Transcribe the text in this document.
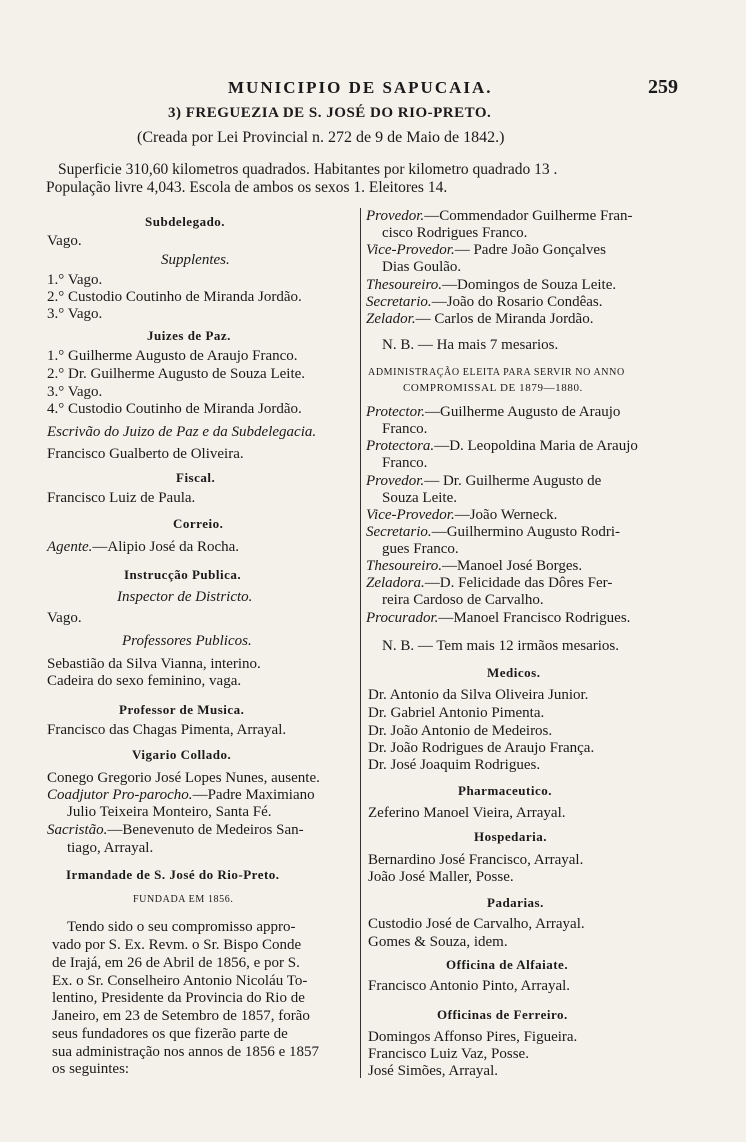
MUNICIPIO DE SAPUCAIA.	259
3) FREGUEZIA DE S. JOSÉ DO RIO-PRETO.
(Creada por Lei Provincial n. 272 de 9 de Maio de 1842.)
Superficie 310,60 kilometros quadrados. Habitantes por kilometro quadrado 13 .
População livre 4,043. Escola de ambos os sexos 1. Eleitores 14.
Subdelegado.
Vago.
Supplentes.
1.° Vago.
2.° Custodio Coutinho de Miranda Jordão.
3.° Vago.
Juizes de Paz.
1.° Guilherme Augusto de Araujo Franco.
2.° Dr. Guilherme Augusto de Souza Leite.
3.° Vago.
4.° Custodio Coutinho de Miranda Jordão.
Escrivão do Juizo de Paz e da Subdelegacia.
Francisco Gualberto de Oliveira.
Fiscal.
Francisco Luiz de Paula.
Correio.
Agente.—Alipio José da Rocha.
Instrucção Publica.
Inspector de Districto.
Vago.
Professores Publicos.
Sebastião da Silva Vianna, interino.
Cadeira do sexo feminino, vaga.
Professor de Musica.
Francisco das Chagas Pimenta, Arrayal.
Vigario Collado.
Conego Gregorio José Lopes Nunes, ausente.
Coadjutor Pro-parocho.—Padre Maximiano
Julio Teixeira Monteiro, Santa Fé.
Sacristão.—Benevenuto de Medeiros San-
tiago, Arrayal.
Irmandade de S. José do Rio-Preto.
FUNDADA EM 1856.
Tendo sido o seu compromisso appro-
vado por S. Ex. Revm. o Sr. Bispo Conde
de Irajá, em 26 de Abril de 1856, e por S.
Ex. o Sr. Conselheiro Antonio Nicoláu To-
lentino, Presidente da Provincia do Rio de
Janeiro, em 23 de Setembro de 1857, forão
seus fundadores os que fizerão parte de
sua administração nos annos de 1856 e 1857
os seguintes:
Provedor.—Commendador Guilherme Fran-
cisco Rodrigues Franco.
Vice-Provedor.— Padre João Gonçalves
Dias Goulão.
Thesoureiro.—Domingos de Souza Leite.
Secretario.—João do Rosario Condêas.
Zelador.— Carlos de Miranda Jordão.
N. B. — Ha mais 7 mesarios.
ADMINISTRAÇÃO ELEITA PARA SERVIR NO ANNO
COMPROMISSAL DE 1879—1880.
Protector.—Guilherme Augusto de Araujo
Franco.
Protectora.—D. Leopoldina Maria de Araujo
Franco.
Provedor.— Dr. Guilherme Augusto de
Souza Leite.
Vice-Provedor.—João Werneck.
Secretario.—Guilhermino Augusto Rodri-
gues Franco.
Thesoureiro.—Manoel José Borges.
Zeladora.—D. Felicidade das Dôres Fer-
reira Cardoso de Carvalho.
Procurador.—Manoel Francisco Rodrigues.
N. B. — Tem mais 12 irmãos mesarios.
Medicos.
Dr. Antonio da Silva Oliveira Junior.
Dr. Gabriel Antonio Pimenta.
Dr. João Antonio de Medeiros.
Dr. João Rodrigues de Araujo França.
Dr. José Joaquim Rodrigues.
Pharmaceutico.
Zeferino Manoel Vieira, Arrayal.
Hospedaria.
Bernardino José Francisco, Arrayal.
João José Maller, Posse.
Padarias.
Custodio José de Carvalho, Arrayal.
Gomes & Souza, idem.
Officina de Alfaiate.
Francisco Antonio Pinto, Arrayal.
Officinas de Ferreiro.
Domingos Affonso Pires, Figueira.
Francisco Luiz Vaz, Posse.
José Simões, Arrayal.
